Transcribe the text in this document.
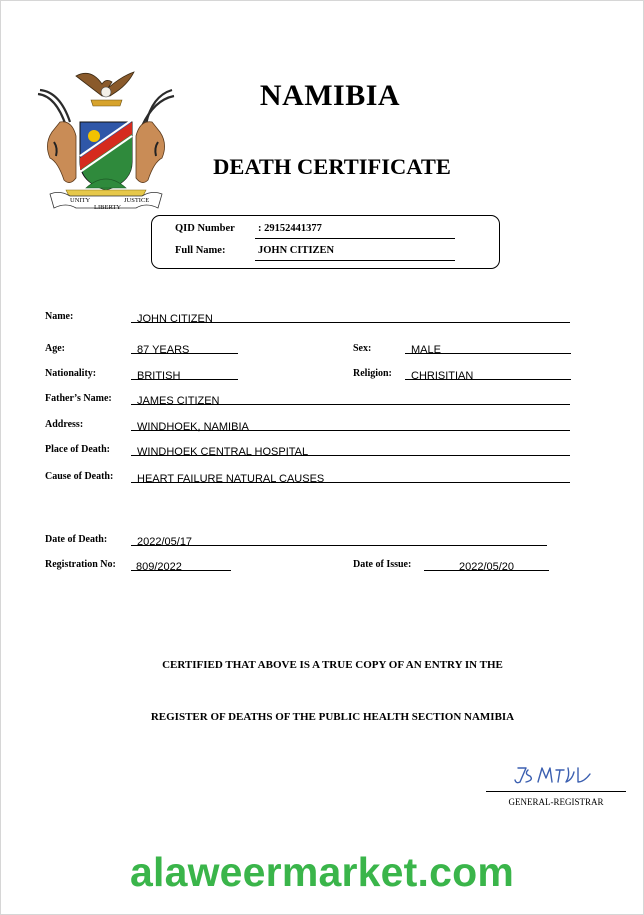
UNITY
LIBERTY
JUSTICE
NAMIBIA
DEATH CERTIFICATE
QID Number : 29152441377
Full Name:	JOHN CITIZEN
Name:	JOHN CITIZEN
Age:	87 YEARS	Sex:	MALE
Nationality:	BRITISH	Religion:	CHRISITIAN
Father’s Name:	JAMES CITIZEN
Address:	WINDHOEK, NAMIBIA
Place of Death:	WINDHOEK CENTRAL HOSPITAL
Cause of Death:	HEART FAILURE NATURAL CAUSES
Date of Death:	2022/05/17
Registration No:	809/2022	Date of Issue:	2022/05/20
CERTIFIED THAT ABOVE IS A TRUE COPY OF AN ENTRY IN THE
REGISTER OF DEATHS OF THE PUBLIC HEALTH SECTION NAMIBIA
GENERAL-REGISTRAR
alaweermarket.com
